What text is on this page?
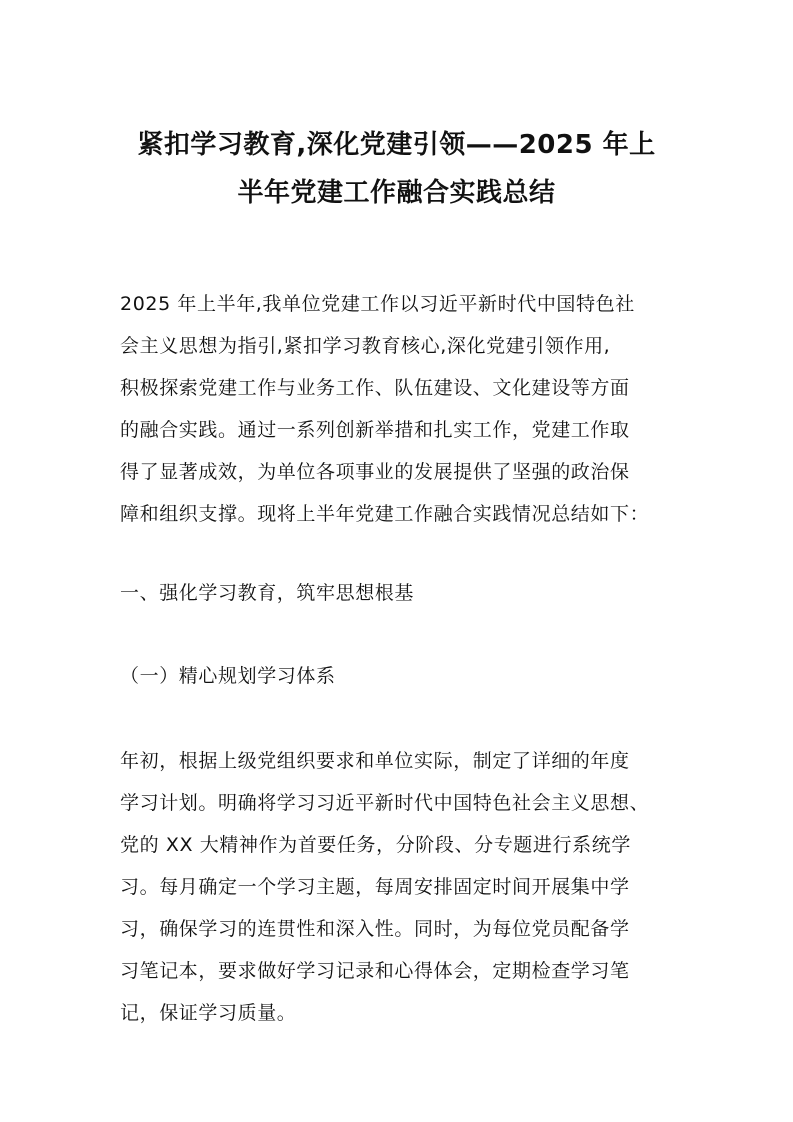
紧扣学习教育,深化党建引领——2025 年上
半年党建工作融合实践总结
2025 年上半年,我单位党建工作以习近平新时代中国特色社
会主义思想为指引,紧扣学习教育核心,深化党建引领作用,
积极探索党建工作与业务工作、队伍建设、文化建设等方面
的融合实践。通过一系列创新举措和扎实工作，党建工作取
得了显著成效，为单位各项事业的发展提供了坚强的政治保
障和组织支撑。现将上半年党建工作融合实践情况总结如下：
一、强化学习教育，筑牢思想根基
（一）精心规划学习体系
年初，根据上级党组织要求和单位实际，制定了详细的年度
学习计划。明确将学习习近平新时代中国特色社会主义思想、
党的 XX 大精神作为首要任务，分阶段、分专题进行系统学
习。每月确定一个学习主题，每周安排固定时间开展集中学
习，确保学习的连贯性和深入性。同时，为每位党员配备学
习笔记本，要求做好学习记录和心得体会，定期检查学习笔
记，保证学习质量。
